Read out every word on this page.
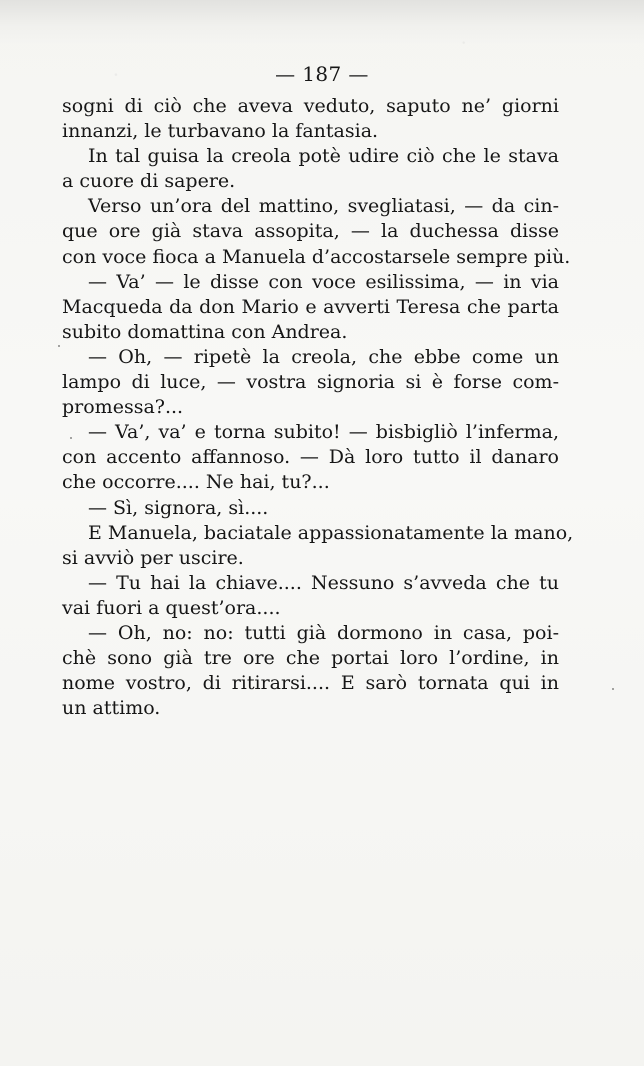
— 187 —
sogni di ciò che aveva veduto, saputo ne’ giorni
innanzi, le turbavano la fantasia.
In tal guisa la creola potè udire ciò che le stava
a cuore di sapere.
Verso un’ora del mattino, svegliatasi, — da cin-
que ore già stava assopita, — la duchessa disse
con voce fioca a Manuela d’accostarsele sempre più.
— Va’ — le disse con voce esilissima, — in via
Macqueda da don Mario e avverti Teresa che parta
subito domattina con Andrea.
— Oh, — ripetè la creola, che ebbe come un
lampo di luce, — vostra signoria si è forse com-
promessa?...
— Va’, va’ e torna subito! — bisbigliò l’inferma,
con accento affannoso. — Dà loro tutto il danaro
che occorre.... Ne hai, tu?...
— Sì, signora, sì....
E Manuela, baciatale appassionatamente la mano,
si avviò per uscire.
— Tu hai la chiave.... Nessuno s’avveda che tu
vai fuori a quest’ora....
— Oh, no: no: tutti già dormono in casa, poi-
chè sono già tre ore che portai loro l’ordine, in
nome vostro, di ritirarsi.... E sarò tornata qui in
un attimo.
